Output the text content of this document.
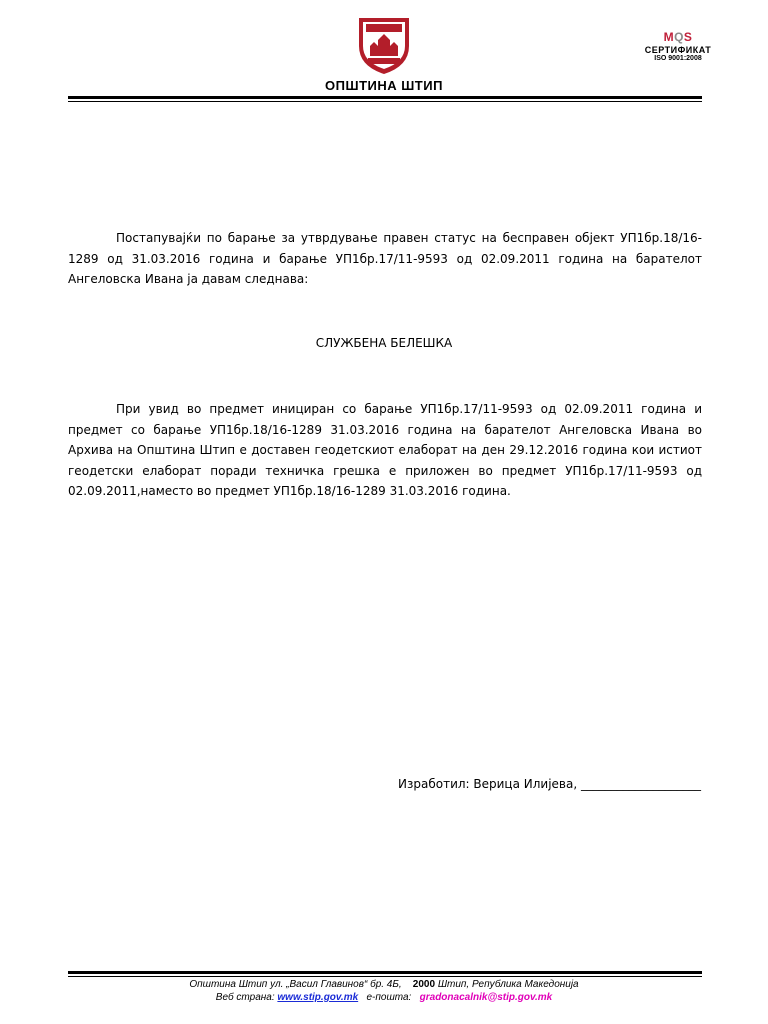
ОПШТИНА ШТИП
MQS
СЕРТИФИКАТ
ISO 9001:2008
Постапувајќи по барање за утврдување правен статус на бесправен објект УП1бр.18/16-1289 од 31.03.2016 година и барање УП1бр.17/11-9593 од 02.09.2011 година на барателот Ангеловска Ивана ја давам следнава:
СЛУЖБЕНА БЕЛЕШКА
При увид во предмет инициран со барање УП1бр.17/11-9593 од 02.09.2011 година и предмет со барање УП1бр.18/16-1289 31.03.2016 година на барателот Ангеловска Ивана во Архива на Општина Штип е доставен геодетскиот елаборат на ден 29.12.2016 година кои истиот геодетски елаборат поради техничка грешка е приложен во предмет УП1бр.17/11-9593 од 02.09.2011,наместо во предмет УП1бр.18/16-1289 31.03.2016 година.
Изработил: Верица Илијева, ____________________
Општина Штип ул. „Васил Главинов“ бр. 4Б, 2000 Штип, Република Македонија
Веб страна: www.stip.gov.mk   е-пошта:   gradonacalnik@stip.gov.mk
